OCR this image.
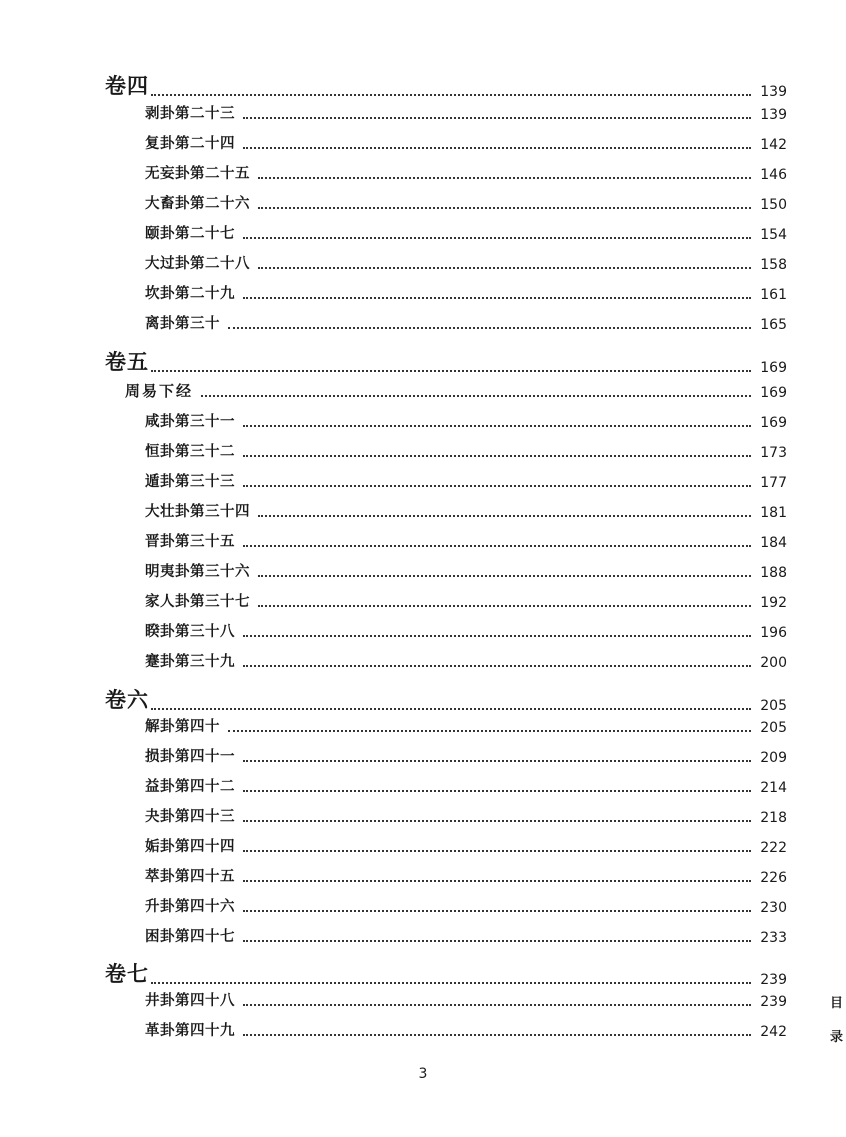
卷四	139
剥卦第二十三	139
复卦第二十四	142
无妄卦第二十五	146
大畜卦第二十六	150
颐卦第二十七	154
大过卦第二十八	158
坎卦第二十九	161
离卦第三十	165
卷五	169
周易下经	169
咸卦第三十一	169
恒卦第三十二	173
遁卦第三十三	177
大壮卦第三十四	181
晋卦第三十五	184
明夷卦第三十六	188
家人卦第三十七	192
睽卦第三十八	196
蹇卦第三十九	200
卷六	205
解卦第四十	205
损卦第四十一	209
益卦第四十二	214
夬卦第四十三	218
姤卦第四十四	222
萃卦第四十五	226
升卦第四十六	230
困卦第四十七	233
卷七	239
井卦第四十八	239
革卦第四十九	242
目
录
3
